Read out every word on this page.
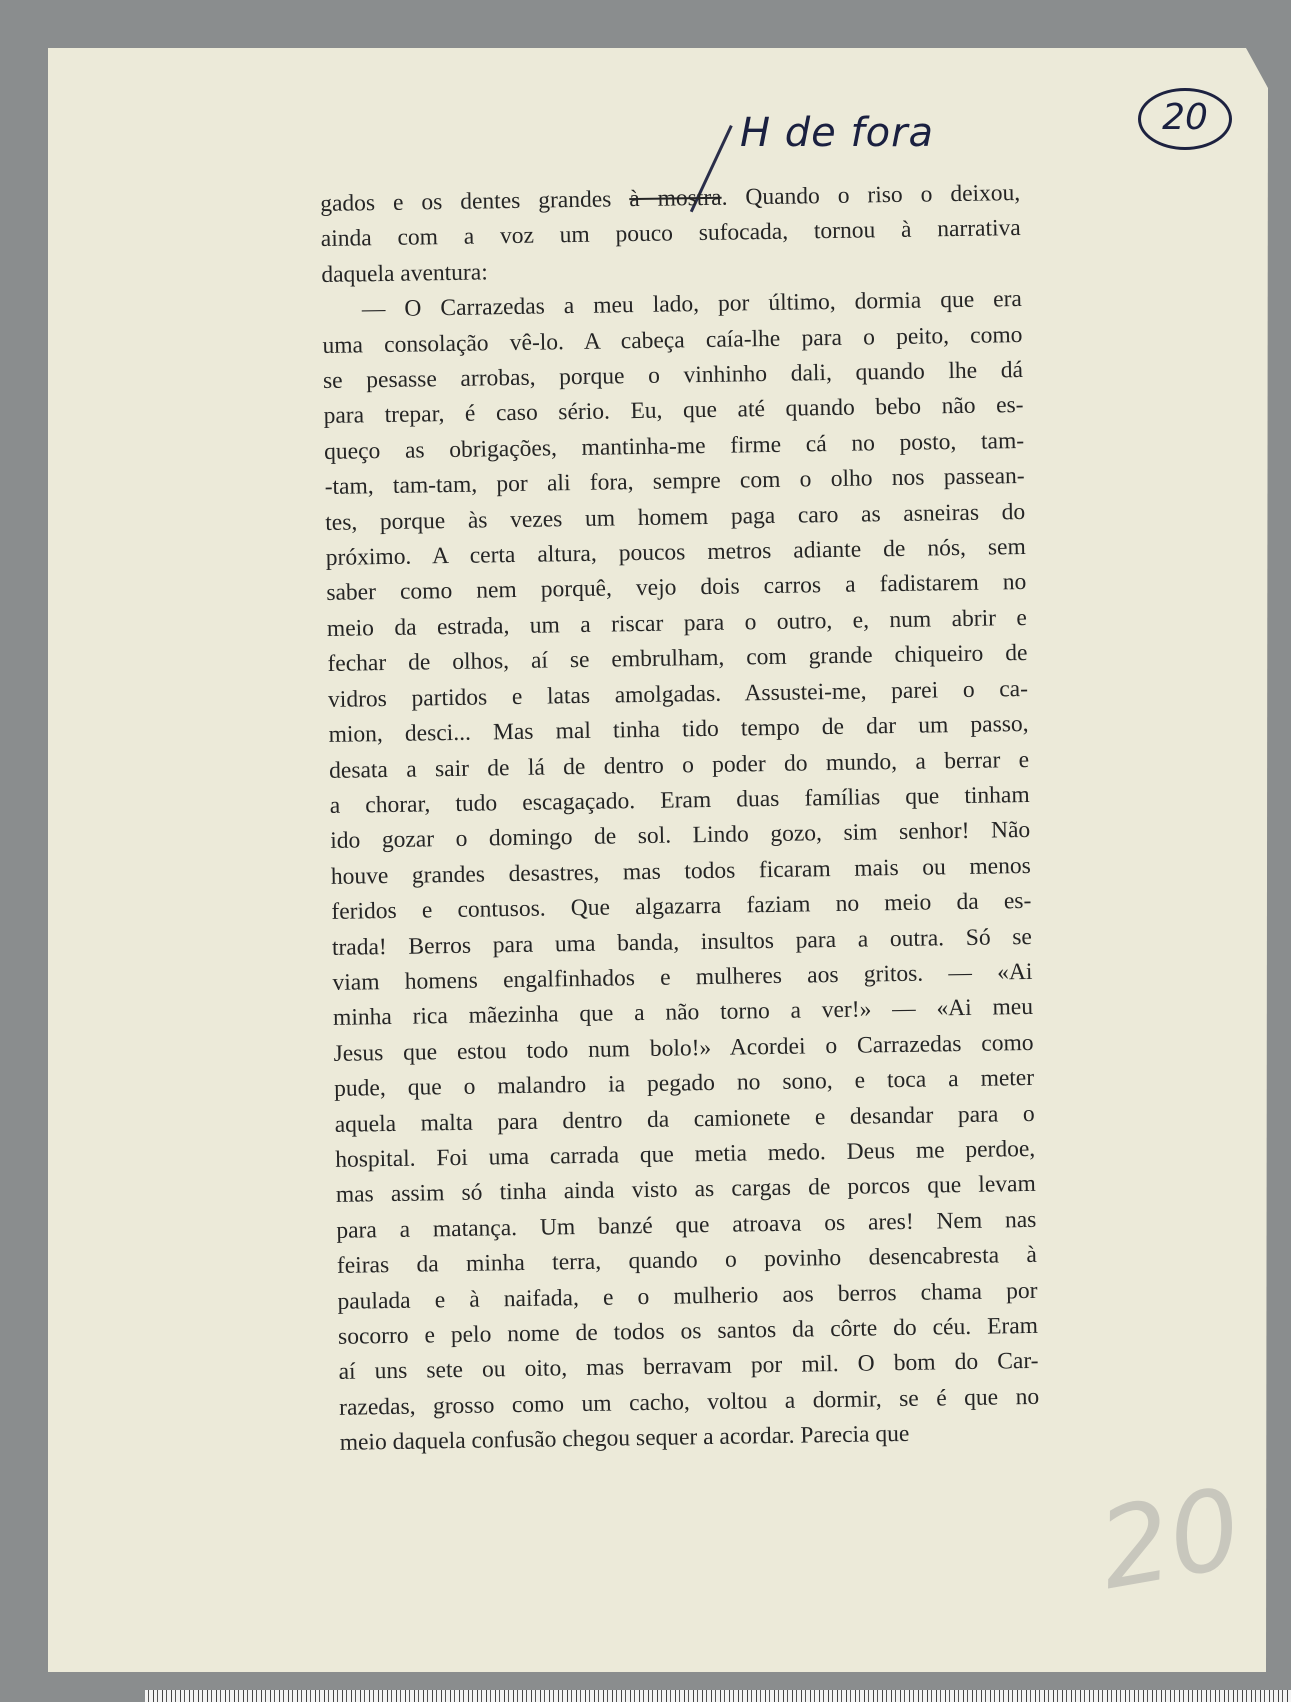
H de fora	20
20
gados e os dentes grandes à mostra. Quando o riso o deixou,
ainda com a voz um pouco sufocada, tornou à narrativa
daquela aventura:
— O Carrazedas a meu lado, por último, dormia que era
uma consolação vê-lo. A cabeça caía-lhe para o peito, como
se pesasse arrobas, porque o vinhinho dali, quando lhe dá
para trepar, é caso sério. Eu, que até quando bebo não es-
queço as obrigações, mantinha-me firme cá no posto, tam-
-tam, tam-tam, por ali fora, sempre com o olho nos passean-
tes, porque às vezes um homem paga caro as asneiras do
próximo. A certa altura, poucos metros adiante de nós, sem
saber como nem porquê, vejo dois carros a fadistarem no
meio da estrada, um a riscar para o outro, e, num abrir e
fechar de olhos, aí se embrulham, com grande chiqueiro de
vidros partidos e latas amolgadas. Assustei-me, parei o ca-
mion, desci... Mas mal tinha tido tempo de dar um passo,
desata a sair de lá de dentro o poder do mundo, a berrar e
a chorar, tudo escagaçado. Eram duas famílias que tinham
ido gozar o domingo de sol. Lindo gozo, sim senhor! Não
houve grandes desastres, mas todos ficaram mais ou menos
feridos e contusos. Que algazarra faziam no meio da es-
trada! Berros para uma banda, insultos para a outra. Só se
viam homens engalfinhados e mulheres aos gritos. — «Ai
minha rica mãezinha que a não torno a ver!» — «Ai meu
Jesus que estou todo num bolo!» Acordei o Carrazedas como
pude, que o malandro ia pegado no sono, e toca a meter
aquela malta para dentro da camionete e desandar para o
hospital. Foi uma carrada que metia medo. Deus me perdoe,
mas assim só tinha ainda visto as cargas de porcos que levam
para a matança. Um banzé que atroava os ares! Nem nas
feiras da minha terra, quando o povinho desencabresta à
paulada e à naifada, e o mulherio aos berros chama por
socorro e pelo nome de todos os santos da côrte do céu. Eram
aí uns sete ou oito, mas berravam por mil. O bom do Car-
razedas, grosso como um cacho, voltou a dormir, se é que no
meio daquela confusão chegou sequer a acordar. Parecia que
